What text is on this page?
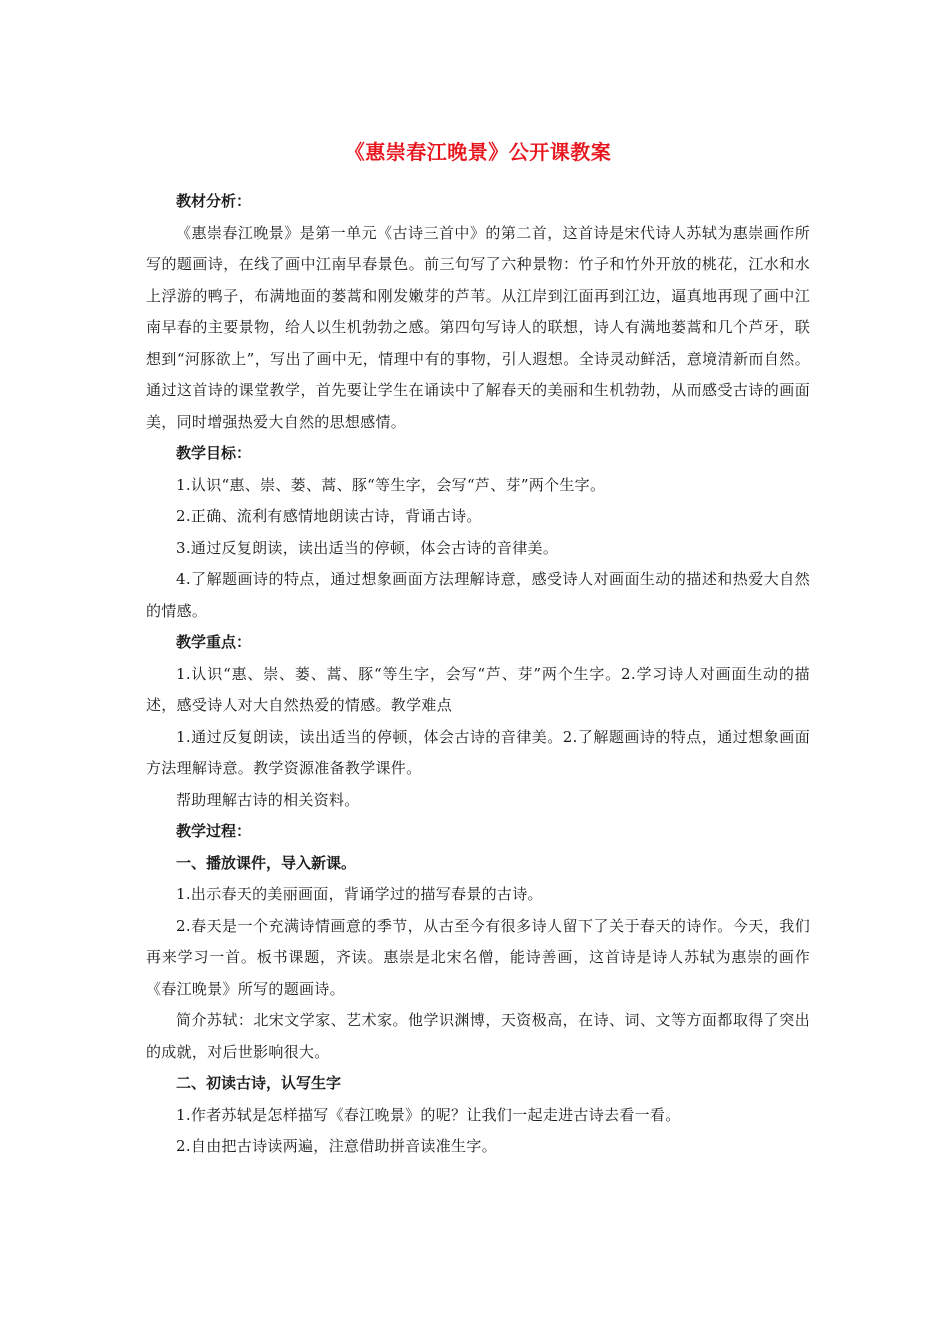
《惠崇春江晚景》公开课教案
教材分析：
《惠崇春江晚景》是第一单元《古诗三首中》的第二首，这首诗是宋代诗人苏轼为惠崇画作所写的题画诗，在线了画中江南早春景色。前三句写了六种景物：竹子和竹外开放的桃花，江水和水上浮游的鸭子，布满地面的蒌蒿和刚发嫩芽的芦苇。从江岸到江面再到江边，逼真地再现了画中江南早春的主要景物，给人以生机勃勃之感。第四句写诗人的联想，诗人有满地蒌蒿和几个芦牙，联想到“河豚欲上”，写出了画中无，情理中有的事物，引人遐想。全诗灵动鲜活，意境清新而自然。通过这首诗的课堂教学，首先要让学生在诵读中了解春天的美丽和生机勃勃，从而感受古诗的画面美，同时增强热爱大自然的思想感情。
教学目标：
1.认识“惠、崇、蒌、蒿、豚“等生字，会写“芦、芽”两个生字。
2.正确、流利有感情地朗读古诗，背诵古诗。
3.通过反复朗读，读出适当的停顿，体会古诗的音律美。
4.了解题画诗的特点，通过想象画面方法理解诗意，感受诗人对画面生动的描述和热爱大自然的情感。
教学重点：
1.认识“惠、崇、蒌、蒿、豚“等生字，会写“芦、芽”两个生字。2.学习诗人对画面生动的描述，感受诗人对大自然热爱的情感。教学难点
1.通过反复朗读，读出适当的停顿，体会古诗的音律美。2.了解题画诗的特点，通过想象画面方法理解诗意。教学资源准备教学课件。
帮助理解古诗的相关资料。
教学过程：
一、播放课件，导入新课。
1.出示春天的美丽画面，背诵学过的描写春景的古诗。
2.春天是一个充满诗情画意的季节，从古至今有很多诗人留下了关于春天的诗作。今天，我们再来学习一首。板书课题，齐读。惠崇是北宋名僧，能诗善画，这首诗是诗人苏轼为惠崇的画作《春江晚景》所写的题画诗。
简介苏轼：北宋文学家、艺术家。他学识渊博，天资极高，在诗、词、文等方面都取得了突出的成就，对后世影响很大。
二、初读古诗，认写生字
1.作者苏轼是怎样描写《春江晚景》的呢？让我们一起走进古诗去看一看。
2.自由把古诗读两遍，注意借助拼音读准生字。
